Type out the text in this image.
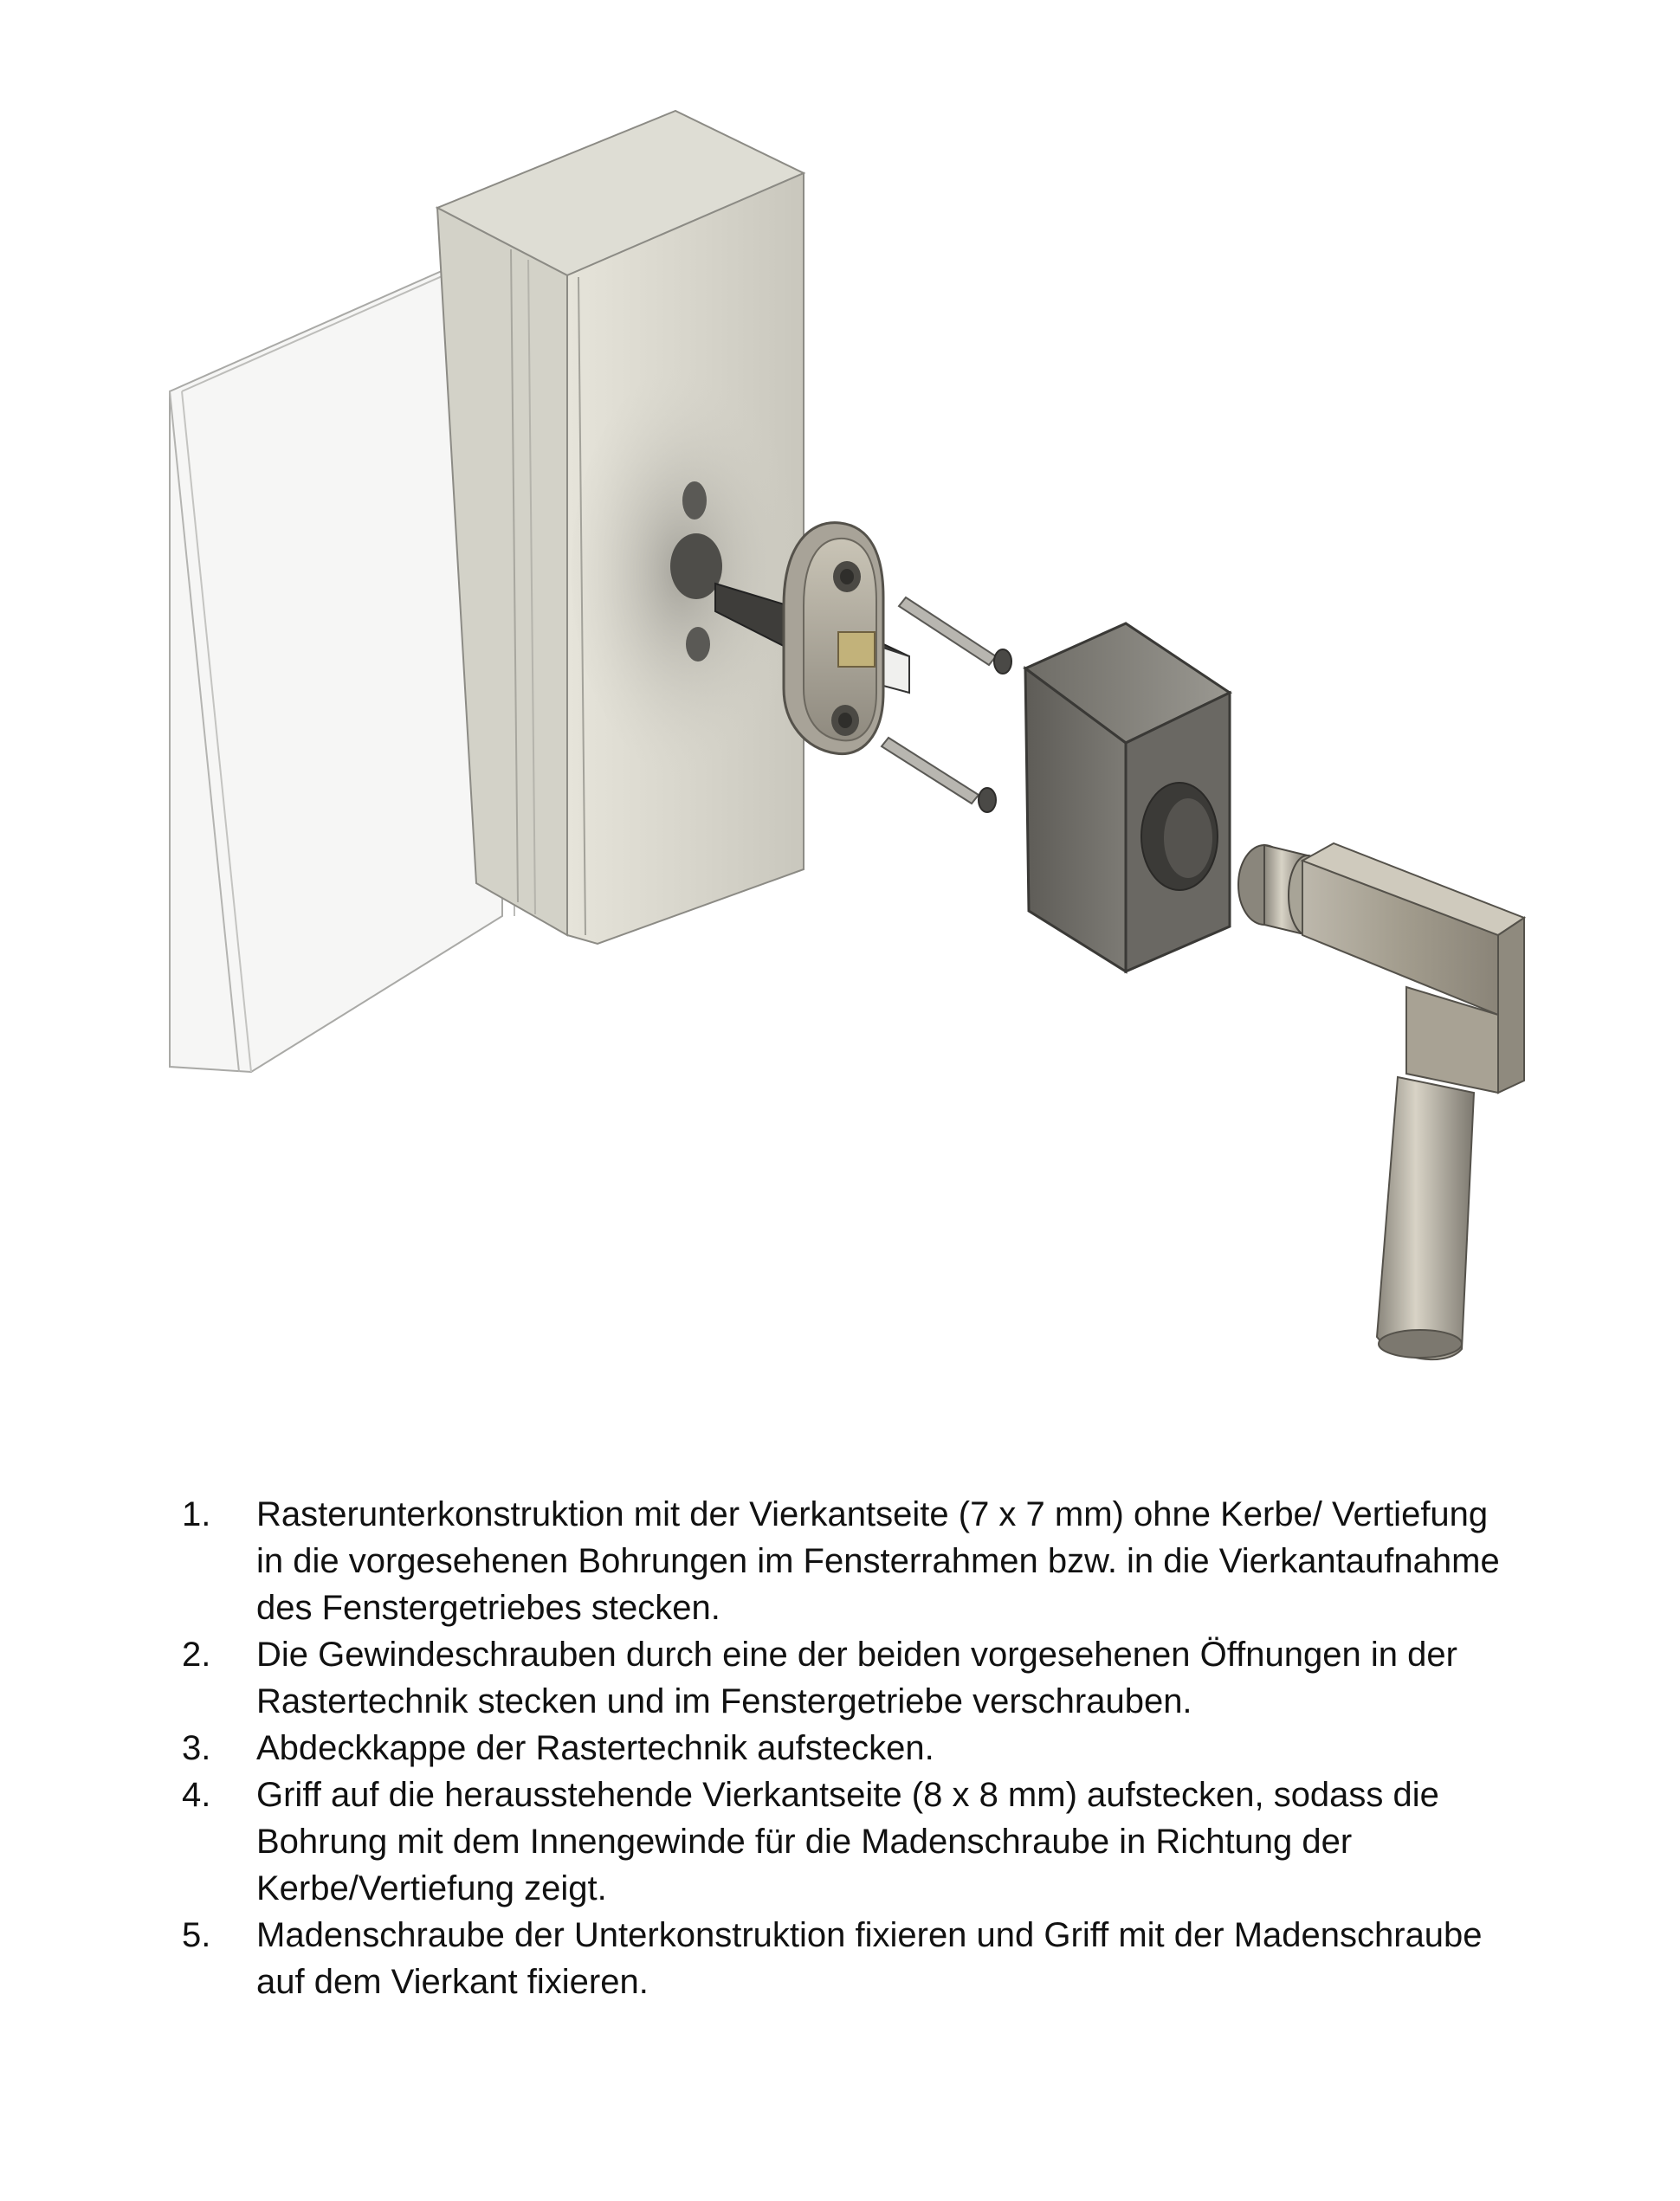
1. Rasterunterkonstruktion mit der Vierkantseite (7 x 7 mm) ohne Kerbe/ Vertiefung in die vorgesehenen Bohrungen im Fensterrahmen bzw. in die Vierkantaufnahme des Fenstergetriebes stecken.
2. Die Gewindeschrauben durch eine der beiden vorgesehenen Öffnungen in der Rastertechnik stecken und im Fenstergetriebe verschrauben.
3. Abdeckkappe der Rastertechnik aufstecken.
4. Griff auf die herausstehende Vierkantseite (8 x 8 mm) aufstecken, sodass die Bohrung mit dem Innengewinde für die Madenschraube in Richtung der Kerbe/Vertiefung zeigt.
5. Madenschraube der Unterkonstruktion fixieren und Griff mit der Madenschraube auf dem Vierkant fixieren.
